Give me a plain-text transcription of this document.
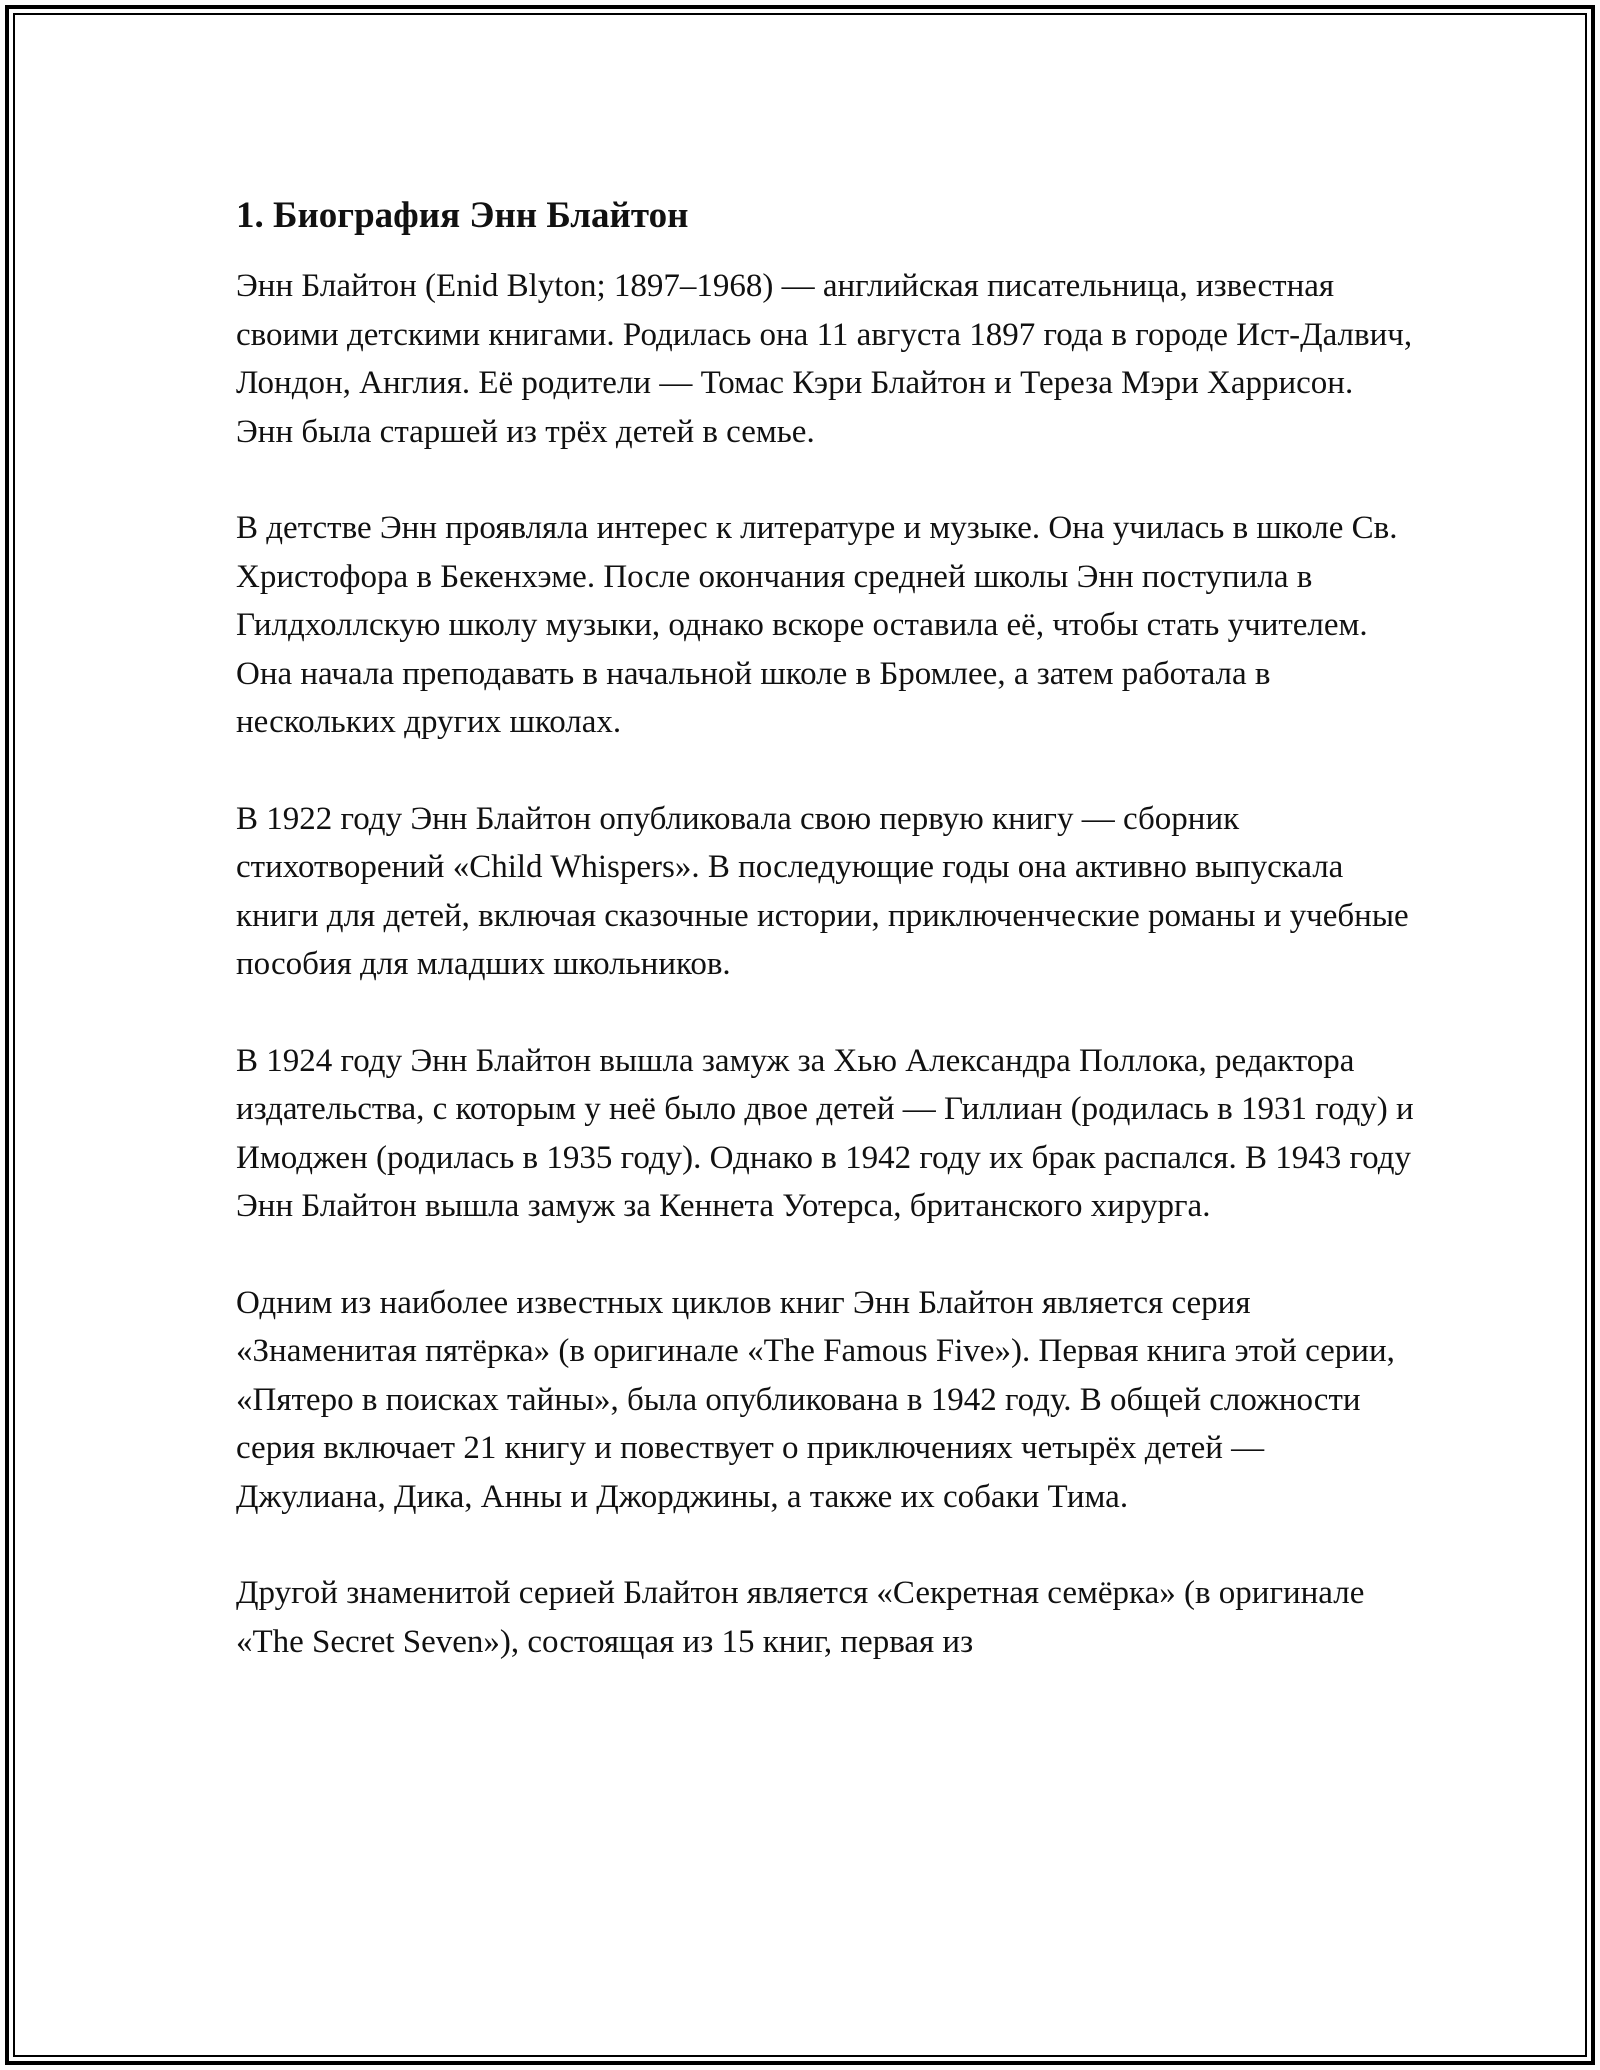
1. Биография Энн Блайтон

Энн Блайтон (Enid Blyton; 1897–1968) — английская писательница, известная своими детскими книгами. Родилась она 11 августа 1897 года в городе Ист-Далвич, Лондон, Англия. Её родители — Томас Кэри Блайтон и Тереза Мэри Харрисон. Энн была старшей из трёх детей в семье.

В детстве Энн проявляла интерес к литературе и музыке. Она училась в школе Св. Христофора в Бекенхэме. После окончания средней школы Энн поступила в Гилдхоллскую школу музыки, однако вскоре оставила её, чтобы стать учителем. Она начала преподавать в начальной школе в Бромлее, а затем работала в нескольких других школах.

В 1922 году Энн Блайтон опубликовала свою первую книгу — сборник стихотворений «Child Whispers». В последующие годы она активно выпускала книги для детей, включая сказочные истории, приключенческие романы и учебные пособия для младших школьников.

В 1924 году Энн Блайтон вышла замуж за Хью Александра Поллока, редактора издательства, с которым у неё было двое детей — Гиллиан (родилась в 1931 году) и Имоджен (родилась в 1935 году). Однако в 1942 году их брак распался. В 1943 году Энн Блайтон вышла замуж за Кеннета Уотерса, британского хирурга.

Одним из наиболее известных циклов книг Энн Блайтон является серия «Знаменитая пятёрка» (в оригинале «The Famous Five»). Первая книга этой серии, «Пятеро в поисках тайны», была опубликована в 1942 году. В общей сложности серия включает 21 книгу и повествует о приключениях четырёх детей — Джулиана, Дика, Анны и Джорджины, а также их собаки Тима.

Другой знаменитой серией Блайтон является «Секретная семёрка» (в оригинале «The Secret Seven»), состоящая из 15 книг, первая из
